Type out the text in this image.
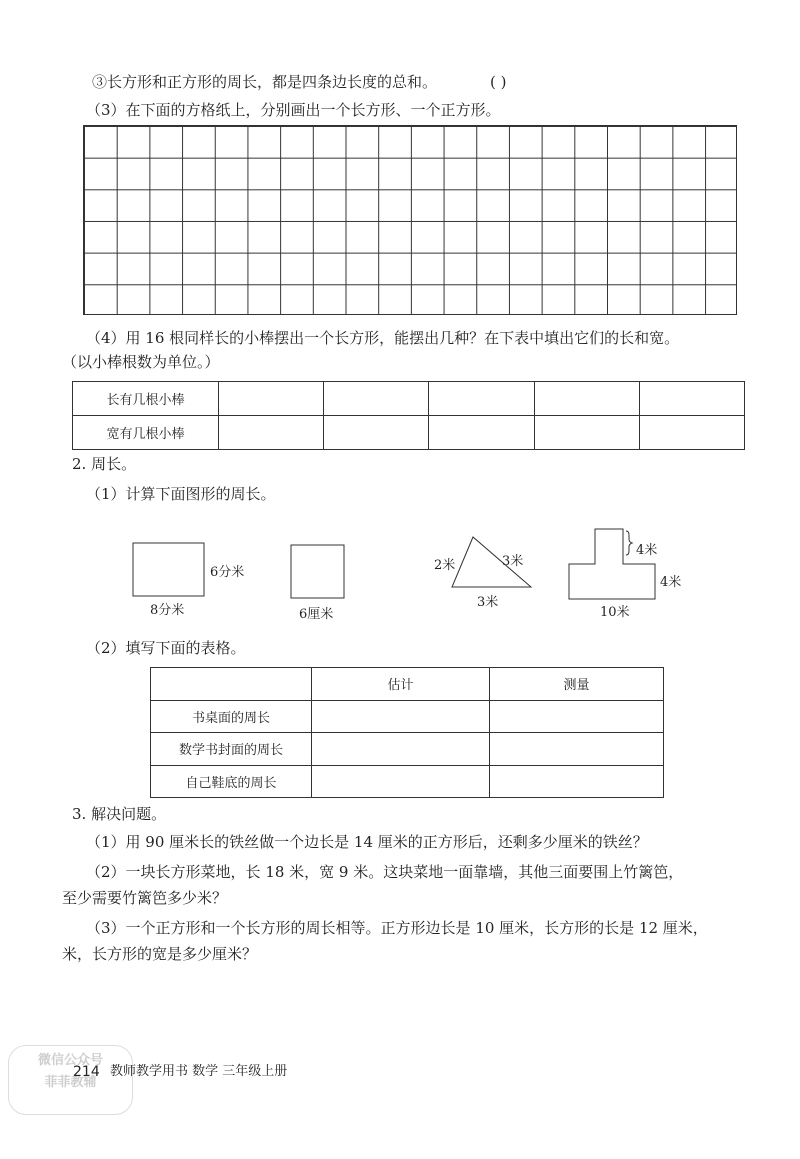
③长方形和正方形的周长，都是四条边长度的总和。	( )
（3）在下面的方格纸上，分别画出一个长方形、一个正方形。
（4）用 16 根同样长的小棒摆出一个长方形，能摆出几种？在下表中填出它们的长和宽。
（以小棒根数为单位。）
长有几根小棒					
宽有几根小棒					
2. 周长。
（1）计算下面图形的周长。
6分米
8分米	6厘米
2米	3米
3米
4米
4米
10米
（2）填写下面的表格。
	估计	测量
书桌面的周长		
数学书封面的周长		
自己鞋底的周长		
3. 解决问题。
（1）用 90 厘米长的铁丝做一个边长是 14 厘米的正方形后，还剩多少厘米的铁丝？
（2）一块长方形菜地，长 18 米，宽 9 米。这块菜地一面靠墙，其他三面要围上竹篱笆，
至少需要竹篱笆多少米？
（3）一个正方形和一个长方形的周长相等。正方形边长是 10 厘米，长方形的长是 12 厘米，
米，长方形的宽是多少厘米？
微信公众号
菲菲教辅
214 教师教学用书 数学 三年级上册
